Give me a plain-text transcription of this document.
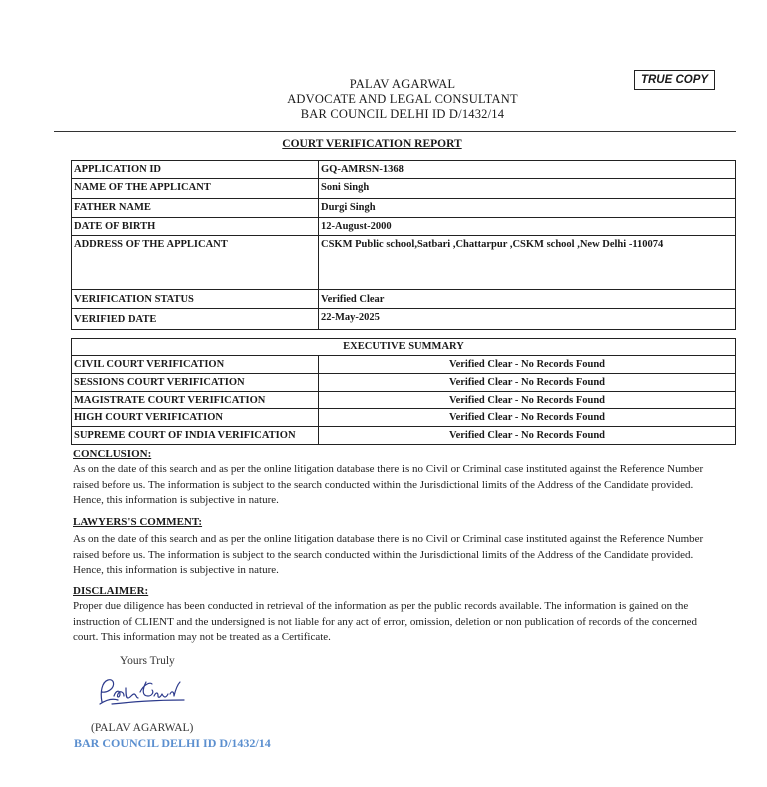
PALAV AGARWAL
ADVOCATE AND LEGAL CONSULTANT
BAR COUNCIL DELHI ID D/1432/14
TRUE COPY
COURT VERIFICATION REPORT
APPLICATION ID	GQ-AMRSN-1368
NAME OF THE APPLICANT	Soni Singh
FATHER NAME	Durgi Singh
DATE OF BIRTH	12-August-2000
ADDRESS OF THE APPLICANT	CSKM Public school,Satbari ,Chattarpur ,CSKM school ,New Delhi -110074
VERIFICATION STATUS	Verified Clear
VERIFIED DATE	22-May-2025
EXECUTIVE SUMMARY	
CIVIL COURT VERIFICATION	Verified Clear - No Records Found
SESSIONS COURT VERIFICATION	Verified Clear - No Records Found
MAGISTRATE COURT VERIFICATION	Verified Clear - No Records Found
HIGH COURT VERIFICATION	Verified Clear - No Records Found
SUPREME COURT OF INDIA VERIFICATION	Verified Clear - No Records Found
CONCLUSION:
As on the date of this search and as per the online litigation database there is no Civil or Criminal case instituted against the Reference Number raised before us. The information is subject to the search conducted within the Jurisdictional limits of the Address of the Candidate provided. Hence, this information is subjective in nature.
LAWYERS'S COMMENT:
As on the date of this search and as per the online litigation database there is no Civil or Criminal case instituted against the Reference Number raised before us. The information is subject to the search conducted within the Jurisdictional limits of the Address of the Candidate provided. Hence, this information is subjective in nature.
DISCLAIMER:
Proper due diligence has been conducted in retrieval of the information as per the public records available. The information is gained on the instruction of CLIENT and the undersigned is not liable for any act of error, omission, deletion or non publication of records of the concerned court. This information may not be treated as a Certificate.
Yours Truly
(PALAV AGARWAL)
BAR COUNCIL DELHI ID D/1432/14
